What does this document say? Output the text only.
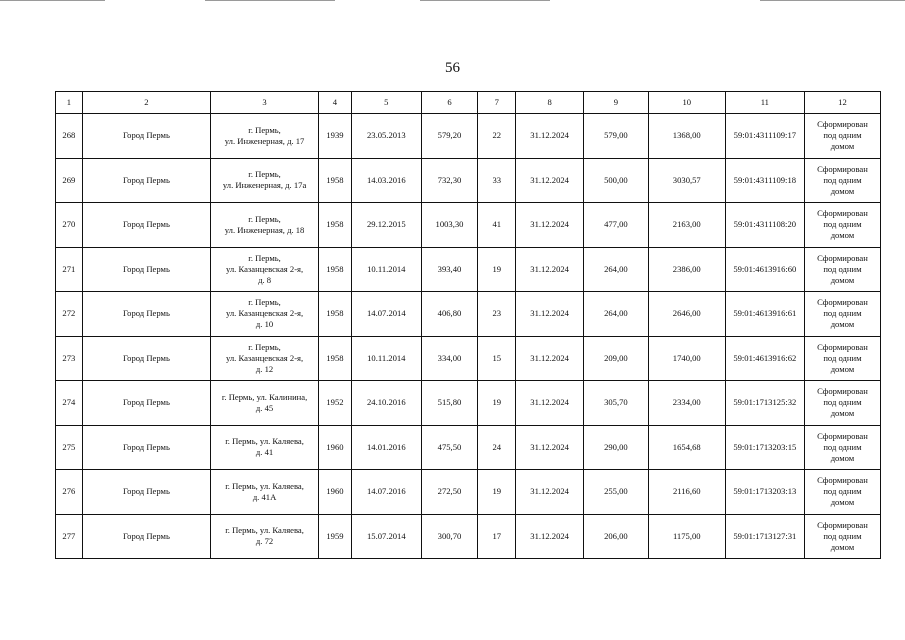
56
1	2	3	4	5	6	7	8	9	10	11	12
268	Город Пермь	г. Пермь,
ул. Инженерная, д. 17	1939	23.05.2013	579,20	22	31.12.2024	579,00	1368,00	59:01:4311109:17	Сформирован
под одним
домом
269	Город Пермь	г. Пермь,
ул. Инженерная, д. 17а	1958	14.03.2016	732,30	33	31.12.2024	500,00	3030,57	59:01:4311109:18	Сформирован
под одним
домом
270	Город Пермь	г. Пермь,
ул. Инженерная, д. 18	1958	29.12.2015	1003,30	41	31.12.2024	477,00	2163,00	59:01:4311108:20	Сформирован
под одним
домом
271	Город Пермь	г. Пермь,
ул. Казанцевская 2-я,
д. 8	1958	10.11.2014	393,40	19	31.12.2024	264,00	2386,00	59:01:4613916:60	Сформирован
под одним
домом
272	Город Пермь	г. Пермь,
ул. Казанцевская 2-я,
д. 10	1958	14.07.2014	406,80	23	31.12.2024	264,00	2646,00	59:01:4613916:61	Сформирован
под одним
домом
273	Город Пермь	г. Пермь,
ул. Казанцевская 2-я,
д. 12	1958	10.11.2014	334,00	15	31.12.2024	209,00	1740,00	59:01:4613916:62	Сформирован
под одним
домом
274	Город Пермь	г. Пермь, ул. Калинина,
д. 45	1952	24.10.2016	515,80	19	31.12.2024	305,70	2334,00	59:01:1713125:32	Сформирован
под одним
домом
275	Город Пермь	г. Пермь, ул. Каляева,
д. 41	1960	14.01.2016	475,50	24	31.12.2024	290,00	1654,68	59:01:1713203:15	Сформирован
под одним
домом
276	Город Пермь	г. Пермь, ул. Каляева,
д. 41А	1960	14.07.2016	272,50	19	31.12.2024	255,00	2116,60	59:01:1713203:13	Сформирован
под одним
домом
277	Город Пермь	г. Пермь, ул. Каляева,
д. 72	1959	15.07.2014	300,70	17	31.12.2024	206,00	1175,00	59:01:1713127:31	Сформирован
под одним
домом
